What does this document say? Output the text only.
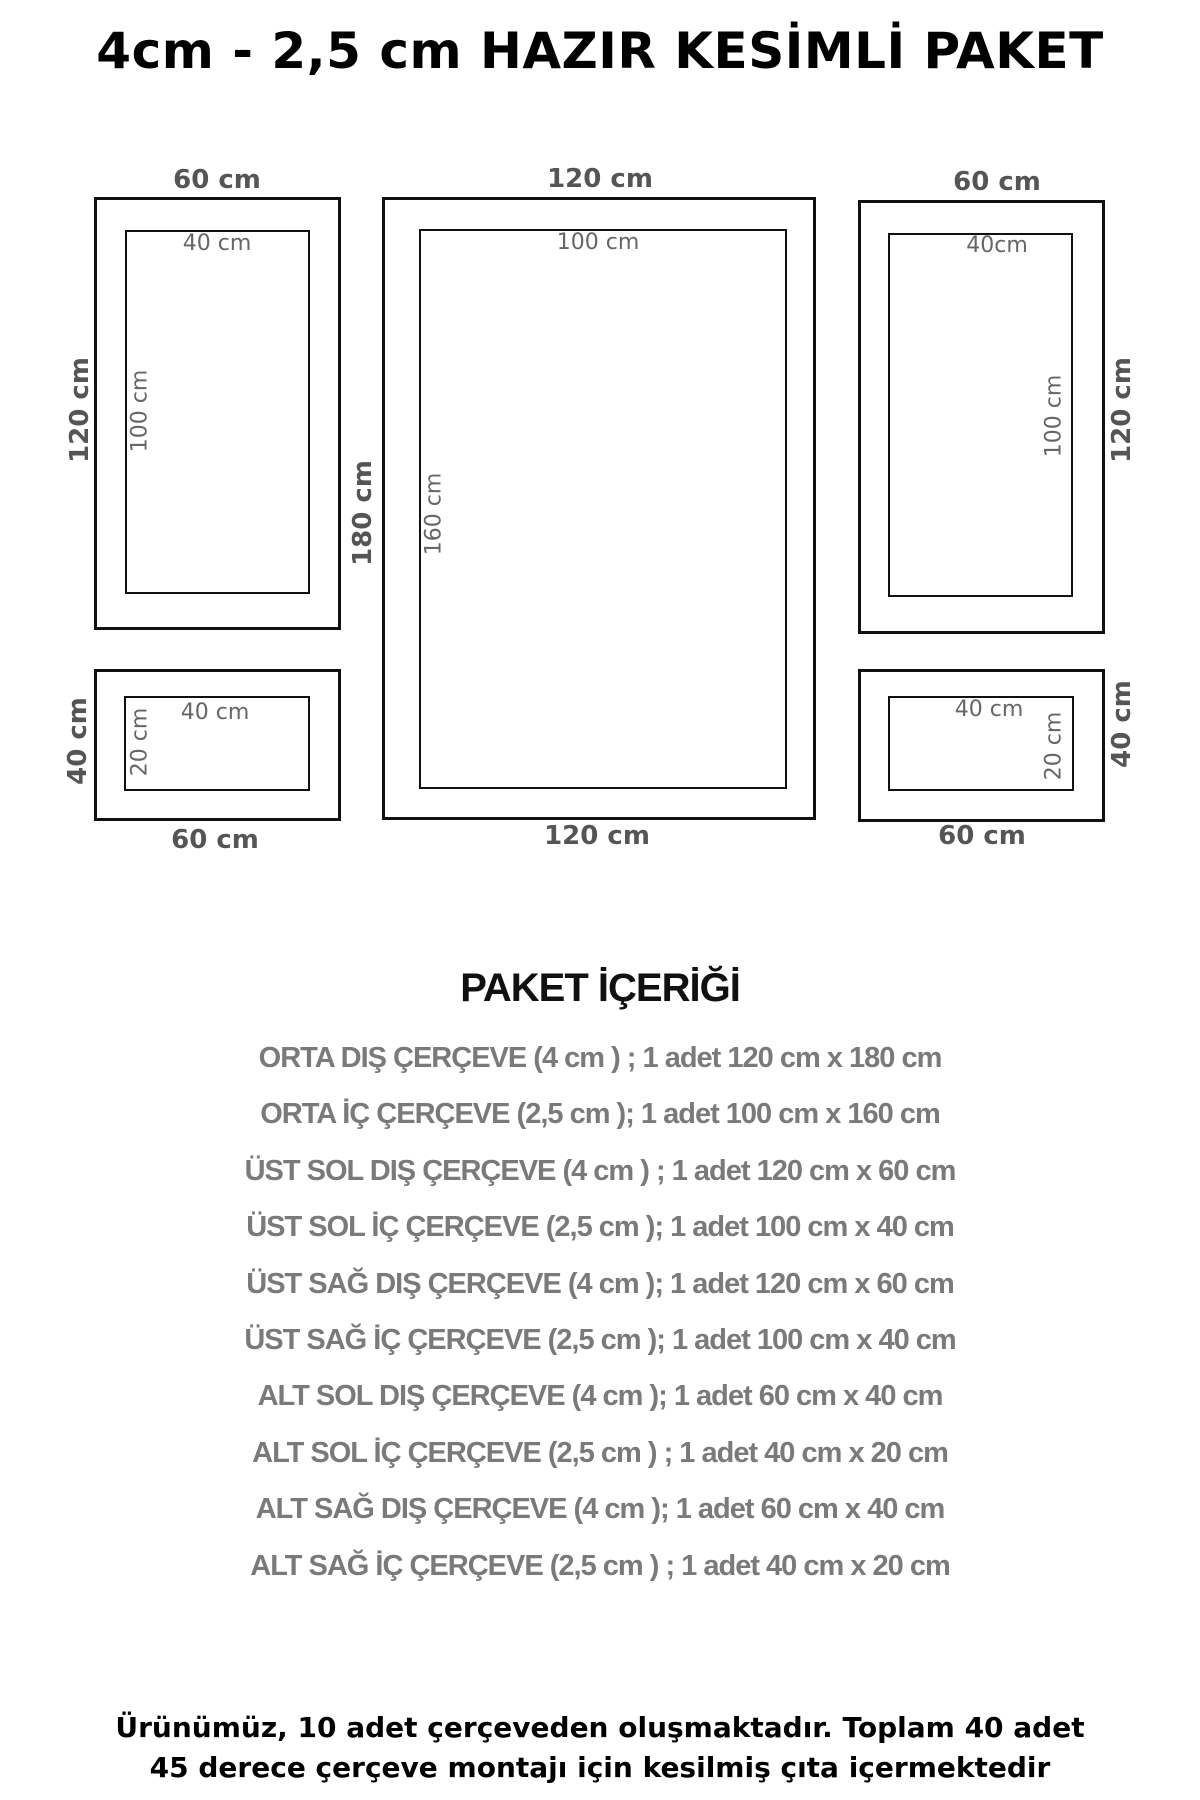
4cm - 2,5 cm HAZIR KESİMLİ PAKET
60 cm
120 cm
40 cm
100 cm
120 cm
120 cm
180 cm
100 cm
160 cm
60 cm
120 cm
40cm
100 cm
60 cm
40 cm	40 cm
20 cm
60 cm
40 cm
40 cm
20 cm
PAKET İÇERİĞİ
ORTA DIŞ ÇERÇEVE (4 cm ) ; 1 adet 120 cm x 180 cm
ORTA İÇ ÇERÇEVE (2,5 cm ); 1 adet 100 cm x 160 cm
ÜST SOL DIŞ ÇERÇEVE (4 cm ) ; 1 adet 120 cm x 60 cm
ÜST SOL İÇ ÇERÇEVE (2,5 cm ); 1 adet 100 cm x 40 cm
ÜST SAĞ DIŞ ÇERÇEVE (4 cm ); 1 adet 120 cm x 60 cm
ÜST SAĞ İÇ ÇERÇEVE (2,5 cm ); 1 adet 100 cm x 40 cm
ALT SOL DIŞ ÇERÇEVE (4 cm ); 1 adet 60 cm x 40 cm
ALT SOL İÇ ÇERÇEVE (2,5 cm ) ; 1 adet 40 cm x 20 cm
ALT SAĞ DIŞ ÇERÇEVE (4 cm ); 1 adet 60 cm x 40 cm
ALT SAĞ İÇ ÇERÇEVE (2,5 cm ) ; 1 adet 40 cm x 20 cm
Ürünümüz, 10 adet çerçeveden oluşmaktadır. Toplam 40 adet 45 derece çerçeve montajı için kesilmiş çıta içermektedir
